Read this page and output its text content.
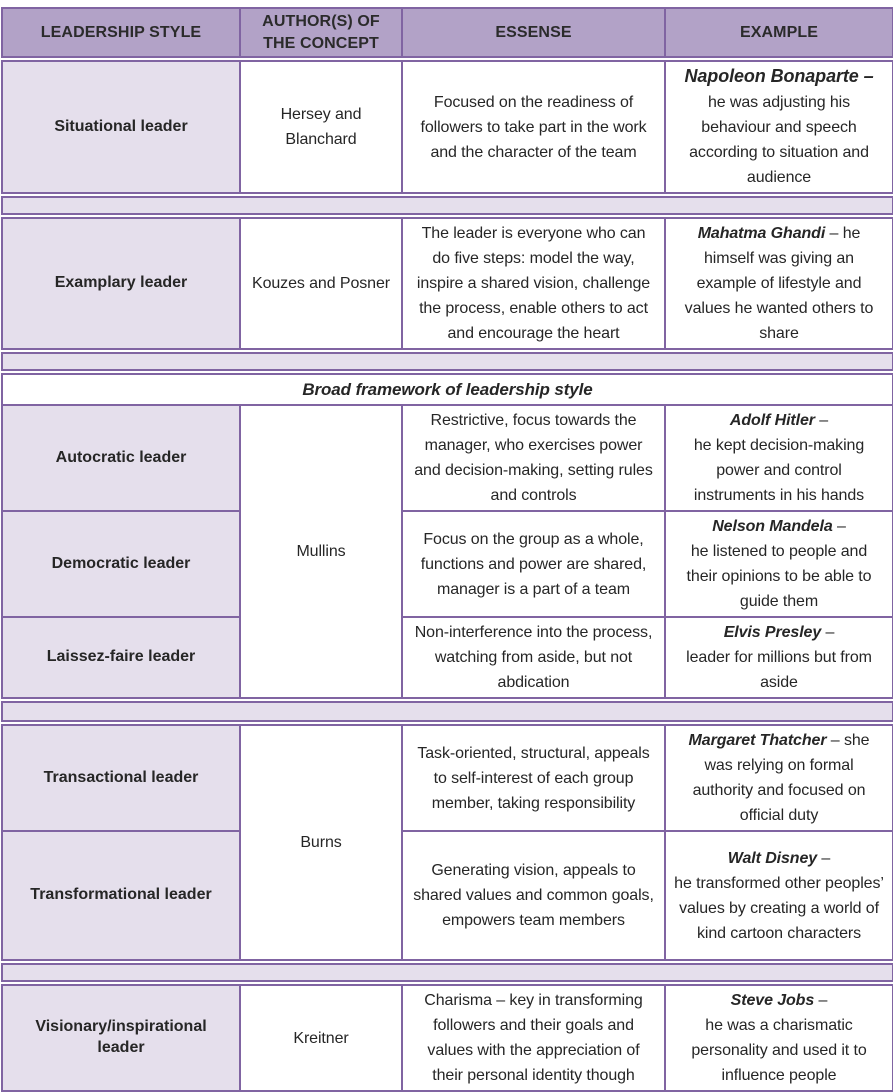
LEADERSHIP STYLE	AUTHOR(S) OF THE CONCEPT	ESSENSE	EXAMPLE
Situational leader	Hersey and Blanchard	Focused on the readiness of followers to take part in the work and the character of the team	Napoleon Bonaparte –
he was adjusting his behaviour and speech according to situation and audience

Examplary leader	Kouzes and Posner	The leader is everyone who can do five steps: model the way, inspire a shared vision, challenge the process, enable others to act and encourage the heart	Mahatma Ghandi – he
himself was giving an example of lifestyle and values he wanted others to share

Broad framework of leadership style			
Autocratic leader	Mullins	Restrictive, focus towards the manager, who exercises power and decision-making, setting rules and controls	Adolf Hitler –
he kept decision-making power and control instruments in his hands
Democratic leader		Focus on the group as a whole, functions and power are shared, manager is a part of a team	Nelson Mandela –
he listened to people and their opinions to be able to guide them
Laissez-faire leader		Non-interference into the process, watching from aside, but not abdication	Elvis Presley –
leader for millions but from aside

Transactional leader	Burns	Task-oriented, structural, appeals to self-interest of each group member, taking responsibility	Margaret Thatcher – she
was relying on formal authority and focused on official duty
Transformational leader		Generating vision, appeals to shared values and common goals, empowers team members	Walt Disney –
he transformed other peoples’ values by creating a world of kind cartoon characters

Visionary/inspirational leader	Kreitner	Charisma – key in transforming followers and their goals and values with the appreciation of their personal identity though	Steve Jobs –
he was a charismatic personality and used it to influence people
